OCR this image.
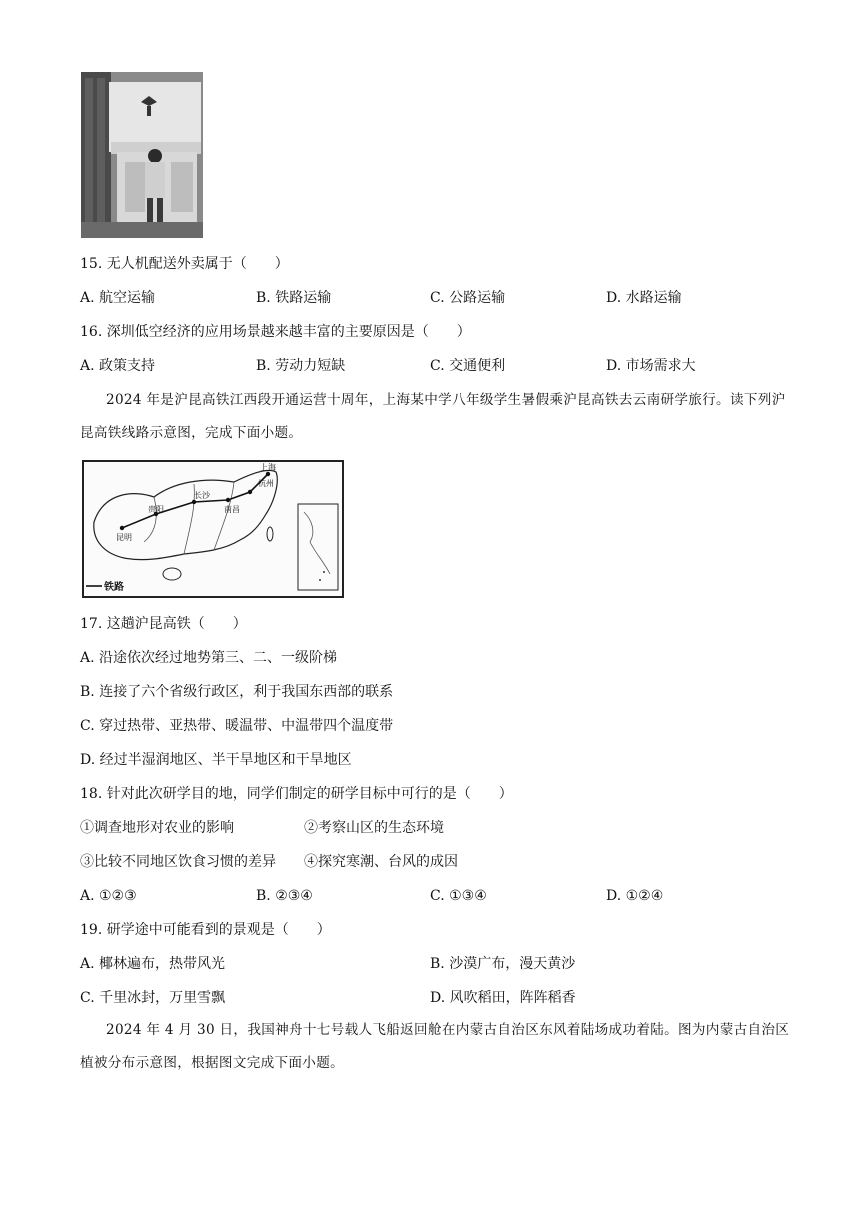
15. 无人机配送外卖属于（　　）
A. 航空运输	B. 铁路运输	C. 公路运输	D. 水路运输
16. 深圳低空经济的应用场景越来越丰富的主要原因是（　　）
A. 政策支持	B. 劳动力短缺	C. 交通便利	D. 市场需求大
2024 年是沪昆高铁江西段开通运营十周年，上海某中学八年级学生暑假乘沪昆高铁去云南研学旅行。读下列沪昆高铁线路示意图，完成下面小题。
上海
杭州
南昌
长沙
贵阳
昆明
铁路
17. 这趟沪昆高铁（　　）
A. 沿途依次经过地势第三、二、一级阶梯
B. 连接了六个省级行政区，利于我国东西部的联系
C. 穿过热带、亚热带、暖温带、中温带四个温度带
D. 经过半湿润地区、半干旱地区和干旱地区
18. 针对此次研学目的地，同学们制定的研学目标中可行的是（　　）
①调查地形对农业的影响	②考察山区的生态环境
③比较不同地区饮食习惯的差异 ④探究寒潮、台风的成因
A. ①②③	B. ②③④	C. ①③④	D. ①②④
19. 研学途中可能看到的景观是（　　）
A. 椰林遍布，热带风光	B. 沙漠广布，漫天黄沙
C. 千里冰封，万里雪飘	D. 风吹稻田，阵阵稻香
2024 年 4 月 30 日，我国神舟十七号载人飞船返回舱在内蒙古自治区东风着陆场成功着陆。图为内蒙古自治区植被分布示意图，根据图文完成下面小题。
